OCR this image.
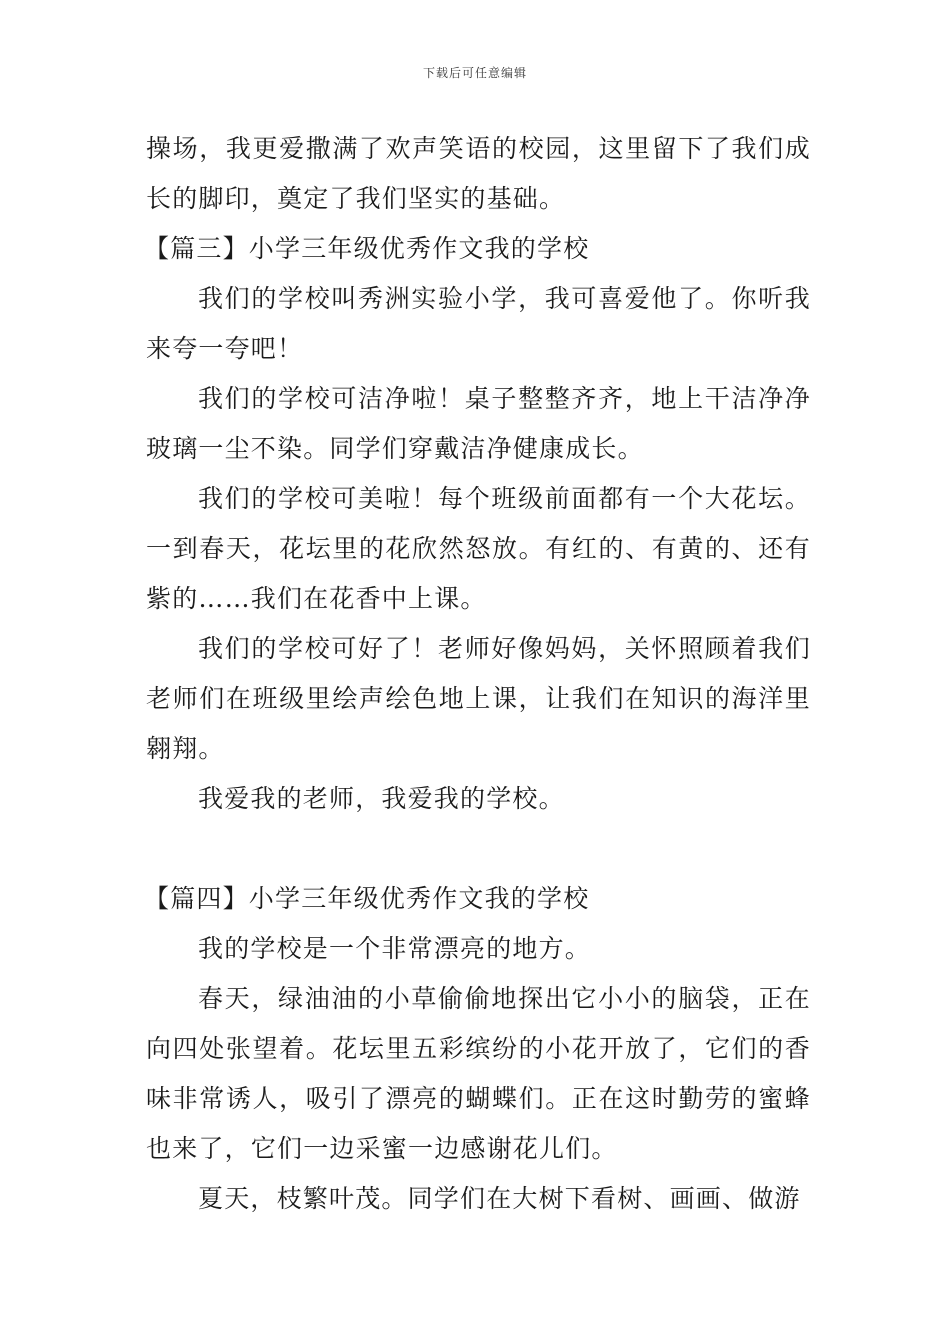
下载后可任意编辑

操场，我更爱撒满了欢声笑语的校园，这里留下了我们成长的脚印，奠定了我们坚实的基础。

【篇三】小学三年级优秀作文我的学校

我们的学校叫秀洲实验小学，我可喜爱他了。你听我来夸一夸吧！

我们的学校可洁净啦！桌子整整齐齐，地上干洁净净玻璃一尘不染。同学们穿戴洁净健康成长。

我们的学校可美啦！每个班级前面都有一个大花坛。一到春天，花坛里的花欣然怒放。有红的、有黄的、还有紫的……我们在花香中上课。

我们的学校可好了！老师好像妈妈，关怀照顾着我们老师们在班级里绘声绘色地上课，让我们在知识的海洋里翱翔。

我爱我的老师，我爱我的学校。

【篇四】小学三年级优秀作文我的学校

我的学校是一个非常漂亮的地方。

春天，绿油油的小草偷偷地探出它小小的脑袋，正在向四处张望着。花坛里五彩缤纷的小花开放了，它们的香味非常诱人，吸引了漂亮的蝴蝶们。正在这时勤劳的蜜蜂也来了，它们一边采蜜一边感谢花儿们。

夏天，枝繁叶茂。同学们在大树下看树、画画、做游
